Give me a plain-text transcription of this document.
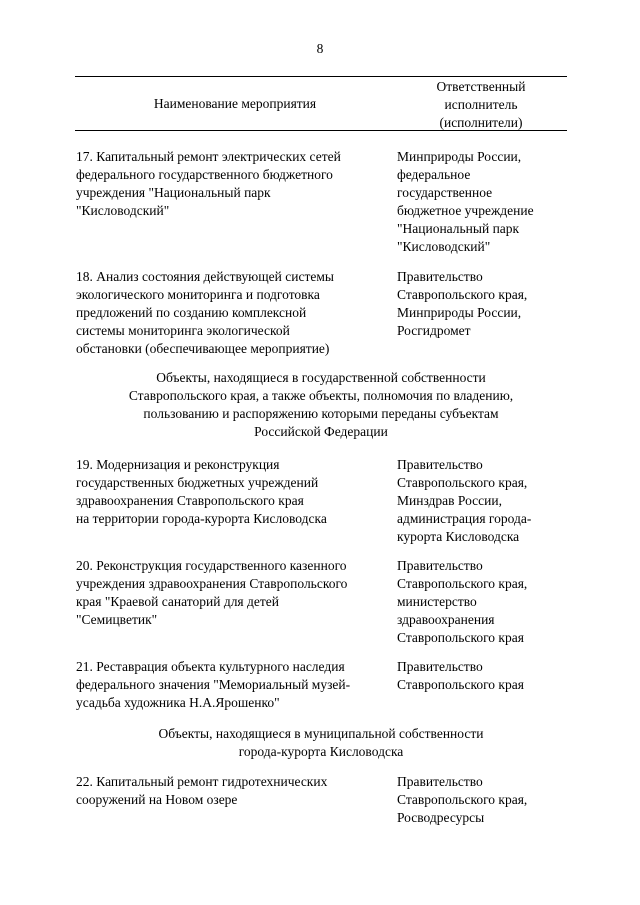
8
Наименование мероприятия
Ответственный
исполнитель
(исполнители)
17. Капитальный ремонт электрических сетей
федерального государственного бюджетного
учреждения "Национальный парк
"Кисловодский"
Минприроды России,
федеральное
государственное
бюджетное учреждение
"Национальный парк
"Кисловодский"
18. Анализ состояния действующей системы
экологического мониторинга и подготовка
предложений по созданию комплексной
системы мониторинга экологической
обстановки (обеспечивающее мероприятие)
Правительство
Ставропольского края,
Минприроды России,
Росгидромет
Объекты, находящиеся в государственной собственности
Ставропольского края, а также объекты, полномочия по владению,
пользованию и распоряжению которыми переданы субъектам
Российской Федерации
19. Модернизация и реконструкция
государственных бюджетных учреждений
здравоохранения Ставропольского края
на территории города-курорта Кисловодска
Правительство
Ставропольского края,
Минздрав России,
администрация города-
курорта Кисловодска
20. Реконструкция государственного казенного
учреждения здравоохранения Ставропольского
края "Краевой санаторий для детей
"Семицветик"
Правительство
Ставропольского края,
министерство
здравоохранения
Ставропольского края
21. Реставрация объекта культурного наследия
федерального значения "Мемориальный музей-
усадьба художника Н.А.Ярошенко"
Правительство
Ставропольского края
Объекты, находящиеся в муниципальной собственности
города-курорта Кисловодска
22. Капитальный ремонт гидротехнических
сооружений на Новом озере
Правительство
Ставропольского края,
Росводресурсы
